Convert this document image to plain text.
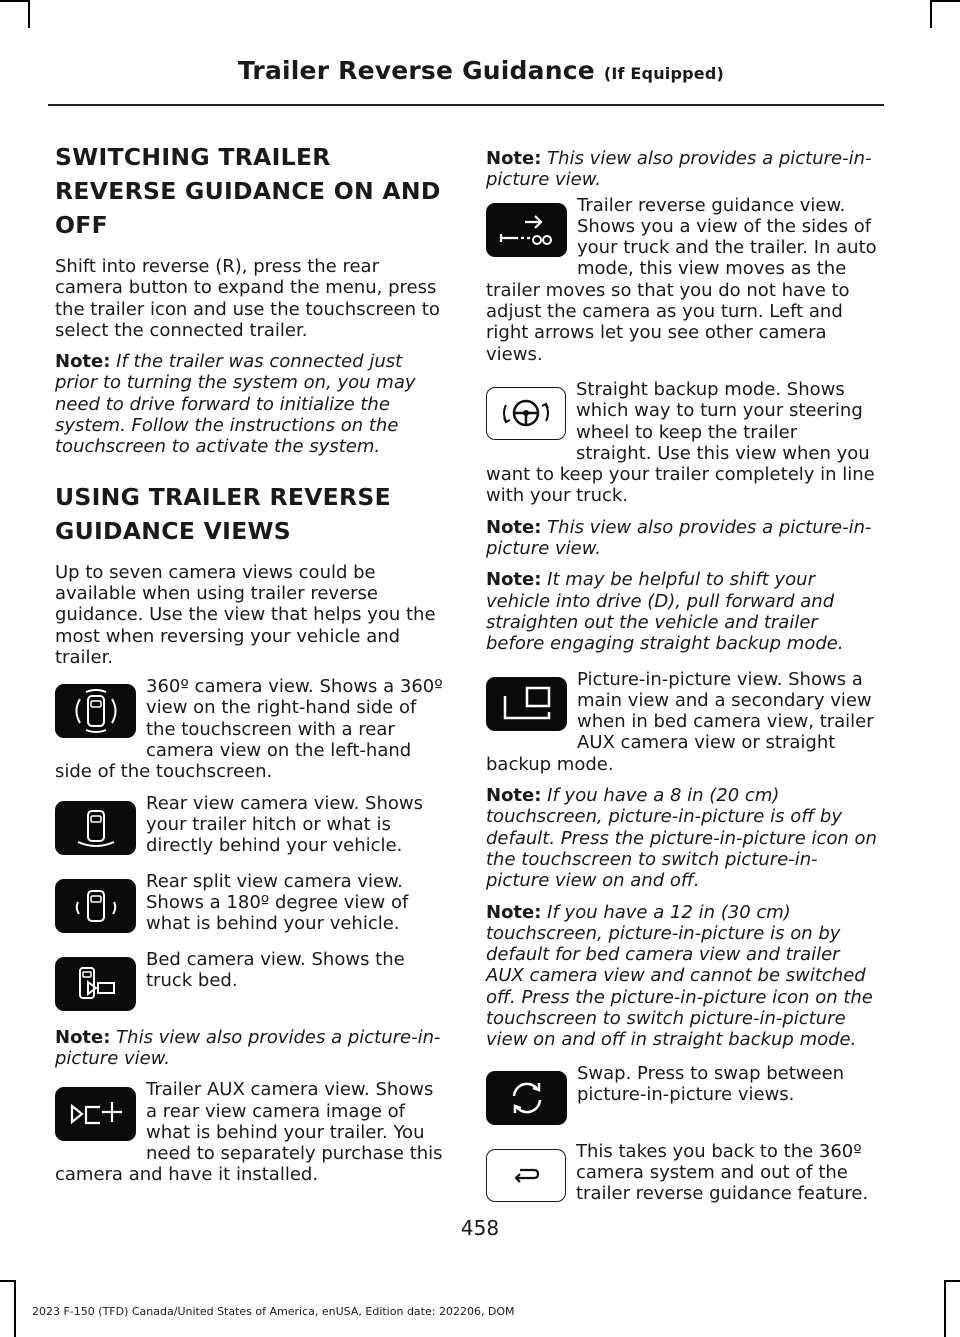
Trailer Reverse Guidance (If Equipped)
SWITCHING TRAILER REVERSE GUIDANCE ON AND OFF

Shift into reverse (R), press the rear camera button to expand the menu, press the trailer icon and use the touchscreen to select the connected trailer.

Note: If the trailer was connected just prior to turning the system on, you may need to drive forward to initialize the system. Follow the instructions on the touchscreen to activate the system.

USING TRAILER REVERSE GUIDANCE VIEWS

Up to seven camera views could be available when using trailer reverse guidance. Use the view that helps you the most when reversing your vehicle and trailer.

360º camera view. Shows a 360º view on the right-hand side of the touchscreen with a rear camera view on the left-hand side of the touchscreen.

Rear view camera view. Shows your trailer hitch or what is directly behind your vehicle.

Rear split view camera view. Shows a 180º degree view of what is behind your vehicle.

Bed camera view. Shows the truck bed.

Note: This view also provides a picture-in-picture view.

Trailer AUX camera view. Shows a rear view camera image of what is behind your trailer. You need to separately purchase this camera and have it installed.

Note: This view also provides a picture-in-picture view.

Trailer reverse guidance view. Shows you a view of the sides of your truck and the trailer. In auto mode, this view moves as the trailer moves so that you do not have to adjust the camera as you turn. Left and right arrows let you see other camera views.

Straight backup mode. Shows which way to turn your steering wheel to keep the trailer straight. Use this view when you want to keep your trailer completely in line with your truck.

Note: This view also provides a picture-in-picture view.

Note: It may be helpful to shift your vehicle into drive (D), pull forward and straighten out the vehicle and trailer before engaging straight backup mode.

Picture-in-picture view. Shows a main view and a secondary view when in bed camera view, trailer AUX camera view or straight backup mode.

Note: If you have a 8 in (20 cm) touchscreen, picture-in-picture is off by default. Press the picture-in-picture icon on the touchscreen to switch picture-in-picture view on and off.

Note: If you have a 12 in (30 cm) touchscreen, picture-in-picture is on by default for bed camera view and trailer AUX camera view and cannot be switched off. Press the picture-in-picture icon on the touchscreen to switch picture-in-picture view on and off in straight backup mode.

Swap. Press to swap between picture-in-picture views.

This takes you back to the 360º camera system and out of the trailer reverse guidance feature.

458
2023 F-150 (TFD) Canada/United States of America, enUSA, Edition date: 202206, DOM
